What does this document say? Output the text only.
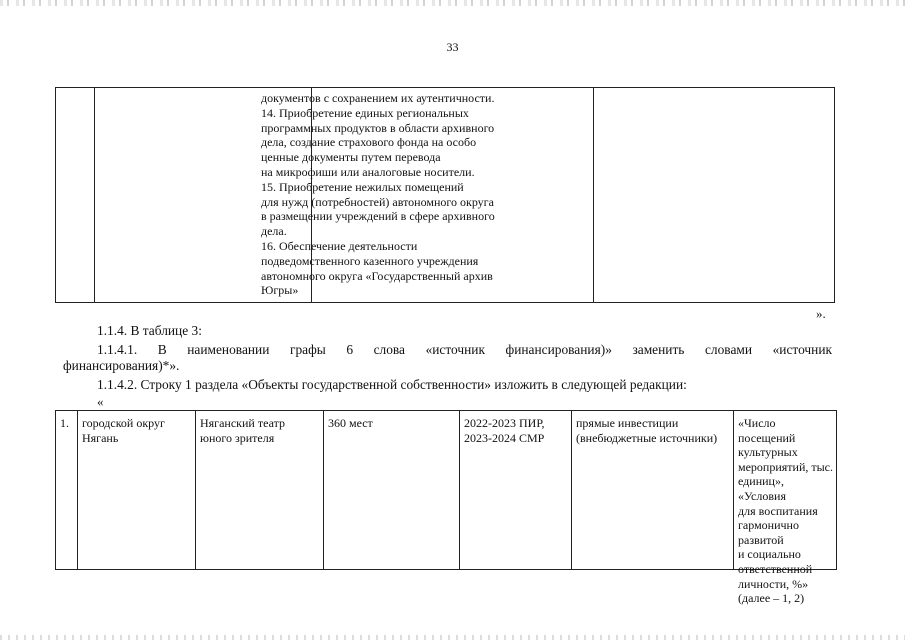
33
документов с сохранением их аутентичности.
14. Приобретение единых региональных
программных продуктов в области архивного
дела, создание страхового фонда на особо
ценные документы путем перевода
на микрофиши или аналоговые носители.
15. Приобретение нежилых помещений
для нужд (потребностей) автономного округа
в размещении учреждений в сфере архивного
дела.
16. Обеспечение деятельности
подведомственного казенного учреждения
автономного округа «Государственный архив
Югры»
».
1.1.4. В таблице 3:
1.1.4.1. В наименовании графы 6 слова «источник финансирования)» заменить словами «источник
финансирования)*».
1.1.4.2. Строку 1 раздела «Объекты государственной собственности» изложить в следующей редакции:
«
1.	городской округ
Нягань
Няганский театр
юного зрителя
360 мест	2022-2023 ПИР,
2023-2024 СМР
прямые инвестиции
(внебюджетные источники)
«Число посещений
культурных
мероприятий, тыс.
единиц», «Условия
для воспитания
гармонично развитой
и социально
ответственной
личности, %»
(далее – 1, 2)
